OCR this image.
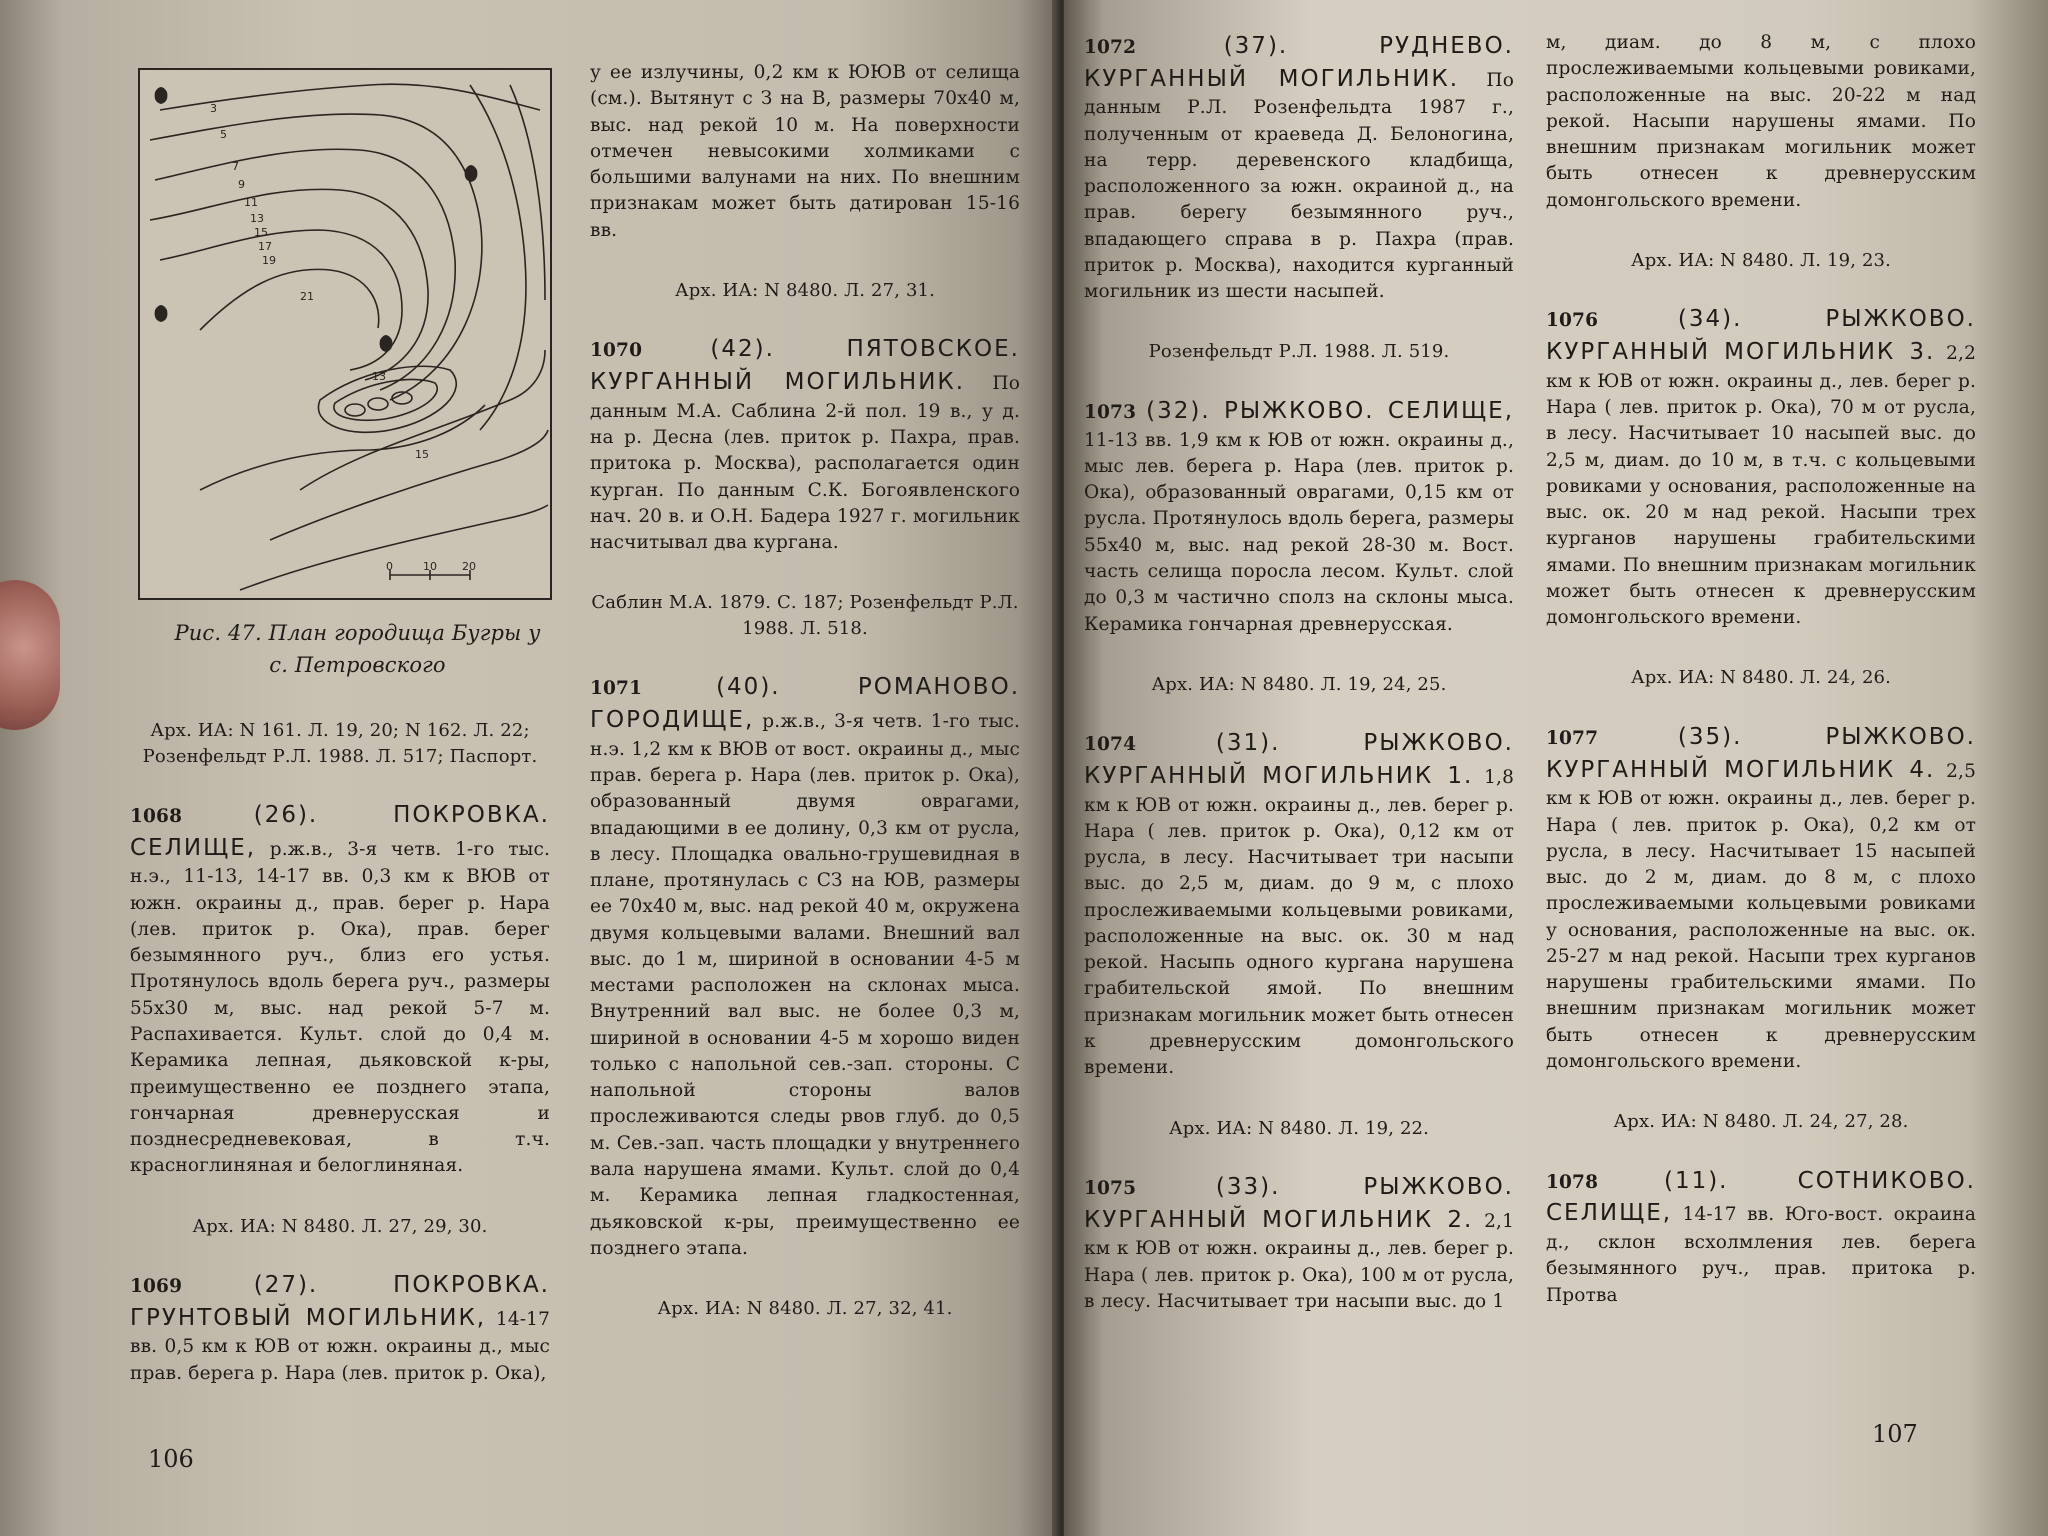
3
5
7
9
11
13
15
17
19
21
13
15
0	10 20

Рис. 47. План городища Бугры у с. Петровского

Арх. ИА: N 161. Л. 19, 20; N 162. Л. 22; Розенфельдт Р.Л. 1988. Л. 517; Паспорт.

1068	(26). ПОКРОВКА. СЕЛИЩЕ, р.ж.в., 3-я четв. 1-го тыс. н.э., 11-13, 14-17 вв. 0,3 км к ВЮВ от южн. окраины д., прав. берег р. Нара (лев. приток р. Ока), прав. берег безымянного руч., близ его устья. Протянулось вдоль берега руч., размеры 55х30 м, выс. над рекой 5-7 м. Распахивается. Культ. слой до 0,4 м. Керамика лепная, дьяковской к-ры, преимущественно ее позднего этапа, гончарная древнерусская и позднесредневековая, в т.ч. красноглиняная и белоглиняная.

Арх. ИА: N 8480. Л. 27, 29, 30.

1069	(27). ПОКРОВКА. ГРУНТОВЫЙ МОГИЛЬНИК, 14-17 вв. 0,5 км к ЮВ от южн. окраины д., мыс прав. берега р. Нара (лев. приток р. Ока),

у ее излучины, 0,2 км к ЮЮВ от селища (см.). Вытянут с З на В, размеры 70х40 м, выс. над рекой 10 м. На поверхности отмечен невысокими холмиками с большими валунами на них. По внешним признакам может быть датирован 15-16 вв.

Арх. ИА: N 8480. Л. 27, 31.

1070	(42). ПЯТОВСКОЕ. КУРГАННЫЙ МОГИЛЬНИК. По данным М.А. Саблина 2-й пол. 19 в., у д. на р. Десна (лев. приток р. Пахра, прав. притока р. Москва), располагается один курган. По данным С.К. Богоявленского нач. 20 в. и О.Н. Бадера 1927 г. могильник насчитывал два кургана.

Саблин М.А. 1879. С. 187; Розенфельдт Р.Л. 1988. Л. 518.

1071	(40). РОМАНОВО. ГОРОДИЩЕ, р.ж.в., 3-я четв. 1-го тыс. н.э. 1,2 км к ВЮВ от вост. окраины д., мыс прав. берега р. Нара (лев. приток р. Ока), образованный двумя оврагами, впадающими в ее долину, 0,3 км от русла, в лесу. Площадка овально-грушевидная в плане, протянулась с СЗ на ЮВ, размеры ее 70х40 м, выс. над рекой 40 м, окружена двумя кольцевыми валами. Внешний вал выс. до 1 м, шириной в основании 4-5 м местами расположен на склонах мыса. Внутренний вал выс. не более 0,3 м, шириной в основании 4-5 м хорошо виден только с напольной сев.-зап. стороны. С напольной стороны валов прослеживаются следы рвов глуб. до 0,5 м. Сев.-зап. часть площадки у внутреннего вала нарушена ямами. Культ. слой до 0,4 м. Керамика лепная гладкостенная, дьяковской к-ры, преимущественно ее позднего этапа.

Арх. ИА: N 8480. Л. 27, 32, 41.

106

1072	(37). РУДНЕВО. КУРГАННЫЙ МОГИЛЬНИК. По данным Р.Л. Розенфельдта 1987 г., полученным от краеведа Д. Белоногина, на терр. деревенского кладбища, расположенного за южн. окраиной д., на прав. берегу безымянного руч., впадающего справа в р. Пахра (прав. приток р. Москва), находится курганный могильник из шести насыпей.

Розенфельдт Р.Л. 1988. Л. 519.

1073 (32). РЫЖКОВО. СЕЛИЩЕ, 11-13 вв. 1,9 км к ЮВ от южн. окраины д., мыс лев. берега р. Нара (лев. приток р. Ока), образованный оврагами, 0,15 км от русла. Протянулось вдоль берега, размеры 55х40 м, выс. над рекой 28-30 м. Вост. часть селища поросла лесом. Культ. слой до 0,3 м частично сполз на склоны мыса. Керамика гончарная древнерусская.

Арх. ИА: N 8480. Л. 19, 24, 25.

1074	(31). РЫЖКОВО. КУРГАННЫЙ МОГИЛЬНИК 1. 1,8 км к ЮВ от южн. окраины д., лев. берег р. Нара ( лев. приток р. Ока), 0,12 км от русла, в лесу. Насчитывает три насыпи выс. до 2,5 м, диам. до 9 м, с плохо прослеживаемыми кольцевыми ровиками, расположенные на выс. ок. 30 м над рекой. Насыпь одного кургана нарушена грабительской ямой. По внешним признакам могильник может быть отнесен к древнерусским домонгольского времени.

Арх. ИА: N 8480. Л. 19, 22.

1075	(33). РЫЖКОВО. КУРГАННЫЙ МОГИЛЬНИК 2. 2,1 км к ЮВ от южн. окраины д., лев. берег р. Нара ( лев. приток р. Ока), 100 м от русла, в лесу. Насчитывает три насыпи выс. до 1

м, диам. до 8 м, с плохо прослеживаемыми кольцевыми ровиками, расположенные на выс. 20-22 м над рекой. Насыпи нарушены ямами. По внешним признакам могильник может быть отнесен к древнерусским домонгольского времени.

Арх. ИА: N 8480. Л. 19, 23.

1076	(34). РЫЖКОВО. КУРГАННЫЙ МОГИЛЬНИК 3. 2,2 км к ЮВ от южн. окраины д., лев. берег р. Нара ( лев. приток р. Ока), 70 м от русла, в лесу. Насчитывает 10 насыпей выс. до 2,5 м, диам. до 10 м, в т.ч. с кольцевыми ровиками у основания, расположенные на выс. ок. 20 м над рекой. Насыпи трех курганов нарушены грабительскими ямами. По внешним признакам могильник может быть отнесен к древнерусским домонгольского времени.

Арх. ИА: N 8480. Л. 24, 26.

1077	(35). РЫЖКОВО. КУРГАННЫЙ МОГИЛЬНИК 4. 2,5 км к ЮВ от южн. окраины д., лев. берег р. Нара ( лев. приток р. Ока), 0,2 км от русла, в лесу. Насчитывает 15 насыпей выс. до 2 м, диам. до 8 м, с плохо прослеживаемыми кольцевыми ровиками у основания, расположенные на выс. ок. 25-27 м над рекой. Насыпи трех курганов нарушены грабительскими ямами. По внешним признакам могильник может быть отнесен к древнерусским домонгольского времени.

Арх. ИА: N 8480. Л. 24, 27, 28.

1078	(11). СОТНИКОВО. СЕЛИЩЕ, 14-17 вв. Юго-вост. окраина д., склон всхолмления лев. берега безымянного руч., прав. притока р. Протва

107
